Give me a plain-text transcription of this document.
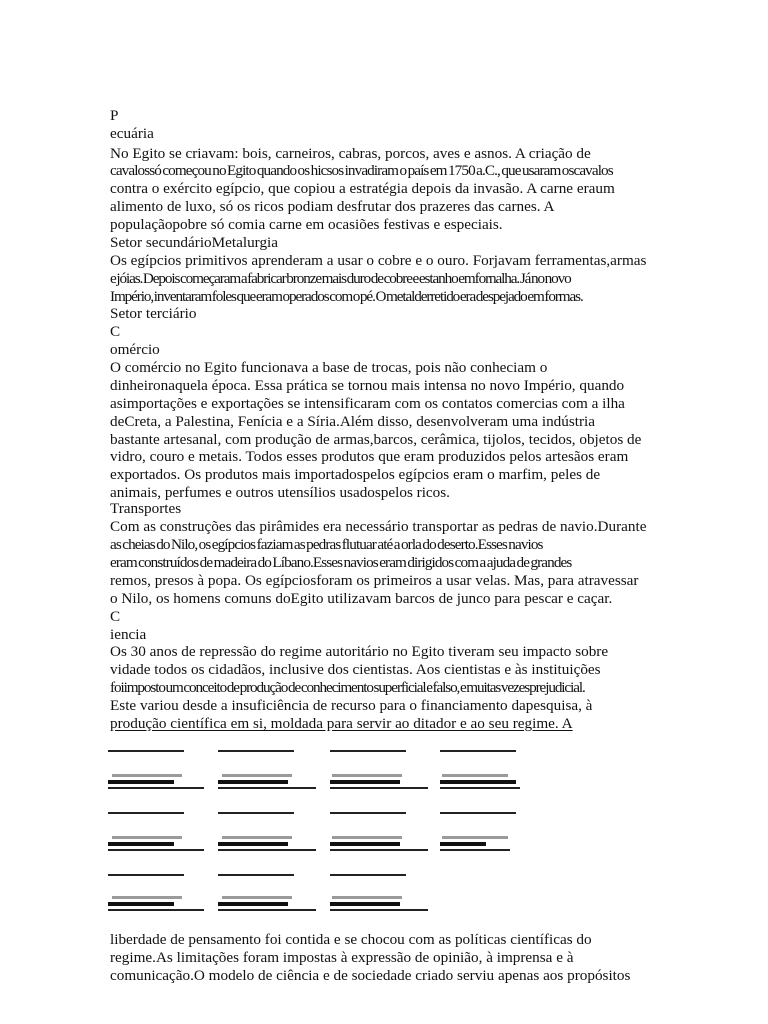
P
ecuária
No Egito se criavam: bois, carneiros, cabras, porcos, aves e asnos. A criação de
cavalossó começou no Egito quando os hicsos invadiram o país em 1750 a.C., que usaram oscavalos
contra o exército egípcio, que copiou a estratégia depois da invasão. A carne eraum
alimento de luxo, só os ricos podiam desfrutar dos prazeres das carnes. A
populaçãopobre só comia carne em ocasiões festivas e especiais.
Setor secundárioMetalurgia
Os egípcios primitivos aprenderam a usar o cobre e o ouro. Forjavam ferramentas,armas
e jóias. Depois começaram a fabricar bronze mais duro de cobre e estanho emfornalha. Já no novo
Império, inventaram foles que eram operados com o pé. O metalderretido era despejado em formas.
Setor terciário
C
omércio
O comércio no Egito funcionava a base de trocas, pois não conheciam o
dinheironaquela época. Essa prática se tornou mais intensa no novo Império, quando
asimportações e exportações se intensificaram com os contatos comercias com a ilha
deCreta, a Palestina, Fenícia e a Síria.Além disso, desenvolveram uma indústria
bastante artesanal, com produção de armas,barcos, cerâmica, tijolos, tecidos, objetos de
vidro, couro e metais. Todos esses produtos que eram produzidos pelos artesãos eram
exportados. Os produtos mais importadospelos egípcios eram o marfim, peles de
animais, perfumes e outros utensílios usadospelos ricos.
Transportes
Com as construções das pirâmides era necessário transportar as pedras de navio.Durante
as cheias do Nilo, os egípcios faziam as pedras flutuar até a orla do deserto.Esses navios
eram construídos de madeira do Líbano.Esses navios eram dirigidos com a ajuda de grandes
remos, presos à popa. Os egípciosforam os primeiros a usar velas. Mas, para atravessar
o Nilo, os homens comuns doEgito utilizavam barcos de junco para pescar e caçar.
C
iencia
Os 30 anos de repressão do regime autoritário no Egito tiveram seu impacto sobre
vidade todos os cidadãos, inclusive dos cientistas. Aos cientistas e às instituições
foiimposto um conceito de produção de conhecimento superficial e falso, e muitas vezesprejudicial.
Este variou desde a insuficiência de recurso para o financiamento dapesquisa, à
produção científica em si, moldada para servir ao ditador e ao seu regime. A
liberdade de pensamento foi contida e se chocou com as políticas científicas do
regime.As limitações foram impostas à expressão de opinião, à imprensa e à
comunicação.O modelo de ciência e de sociedade criado serviu apenas aos propósitos
